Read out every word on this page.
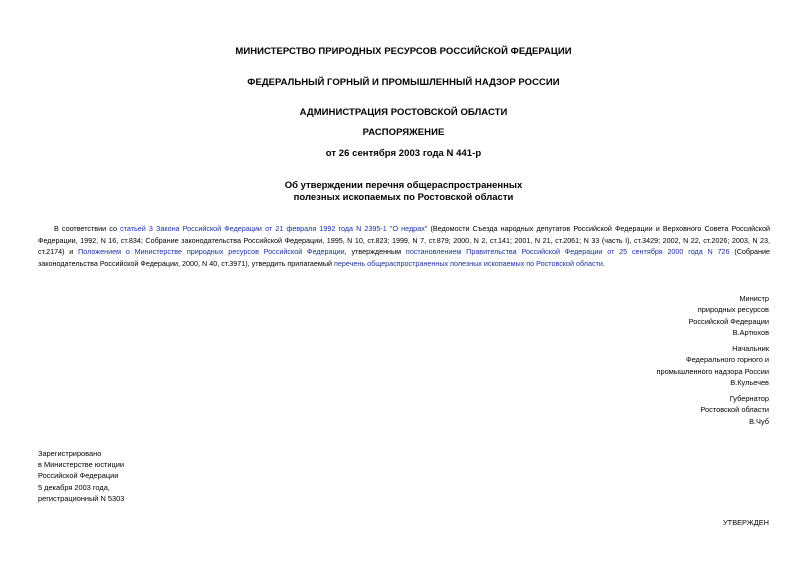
МИНИСТЕРСТВО ПРИРОДНЫХ РЕСУРСОВ РОССИЙСКОЙ ФЕДЕРАЦИИ
ФЕДЕРАЛЬНЫЙ ГОРНЫЙ И ПРОМЫШЛЕННЫЙ НАДЗОР РОССИИ
АДМИНИСТРАЦИЯ РОСТОВСКОЙ ОБЛАСТИ
РАСПОРЯЖЕНИЕ
от 26 сентября 2003 года N 441-р
Об утверждении перечня общераспространенных
полезных ископаемых по Ростовской области
В соответствии со статьей 3 Закона Российской Федерации от 21 февраля 1992 года N 2395-1 "О недрах" (Ведомости Съезда народных депутатов Российской Федерации и Верховного Совета Российской Федерации, 1992, N 16, ст.834; Собрание законодательства Российской Федерации, 1995, N 10, ст.823; 1999, N 7, ст.879; 2000, N 2, ст.141; 2001, N 21, ст.2061; N 33 (часть I), ст.3429; 2002, N 22, ст.2026; 2003, N 23, ст.2174) и Положением о Министерстве природных ресурсов Российской Федерации, утвержденным постановлением Правительства Российской Федерации от 25 сентября 2000 года N 726 (Собрание законодательства Российской Федерации, 2000, N 40, ст.3971), утвердить прилагаемый перечень общераспространенных полезных ископаемых по Ростовской области.
Министр
природных ресурсов
Российской Федерации
В.Артюхов
Начальник
Федерального горного и
промышленного надзора России
В.Кульечев
Губернатор
Ростовской области
В.Чуб
Зарегистрировано
в Министерстве юстиции
Российской Федерации
5 декабря 2003 года,
регистрационный N 5303
УТВЕРЖДЕН
